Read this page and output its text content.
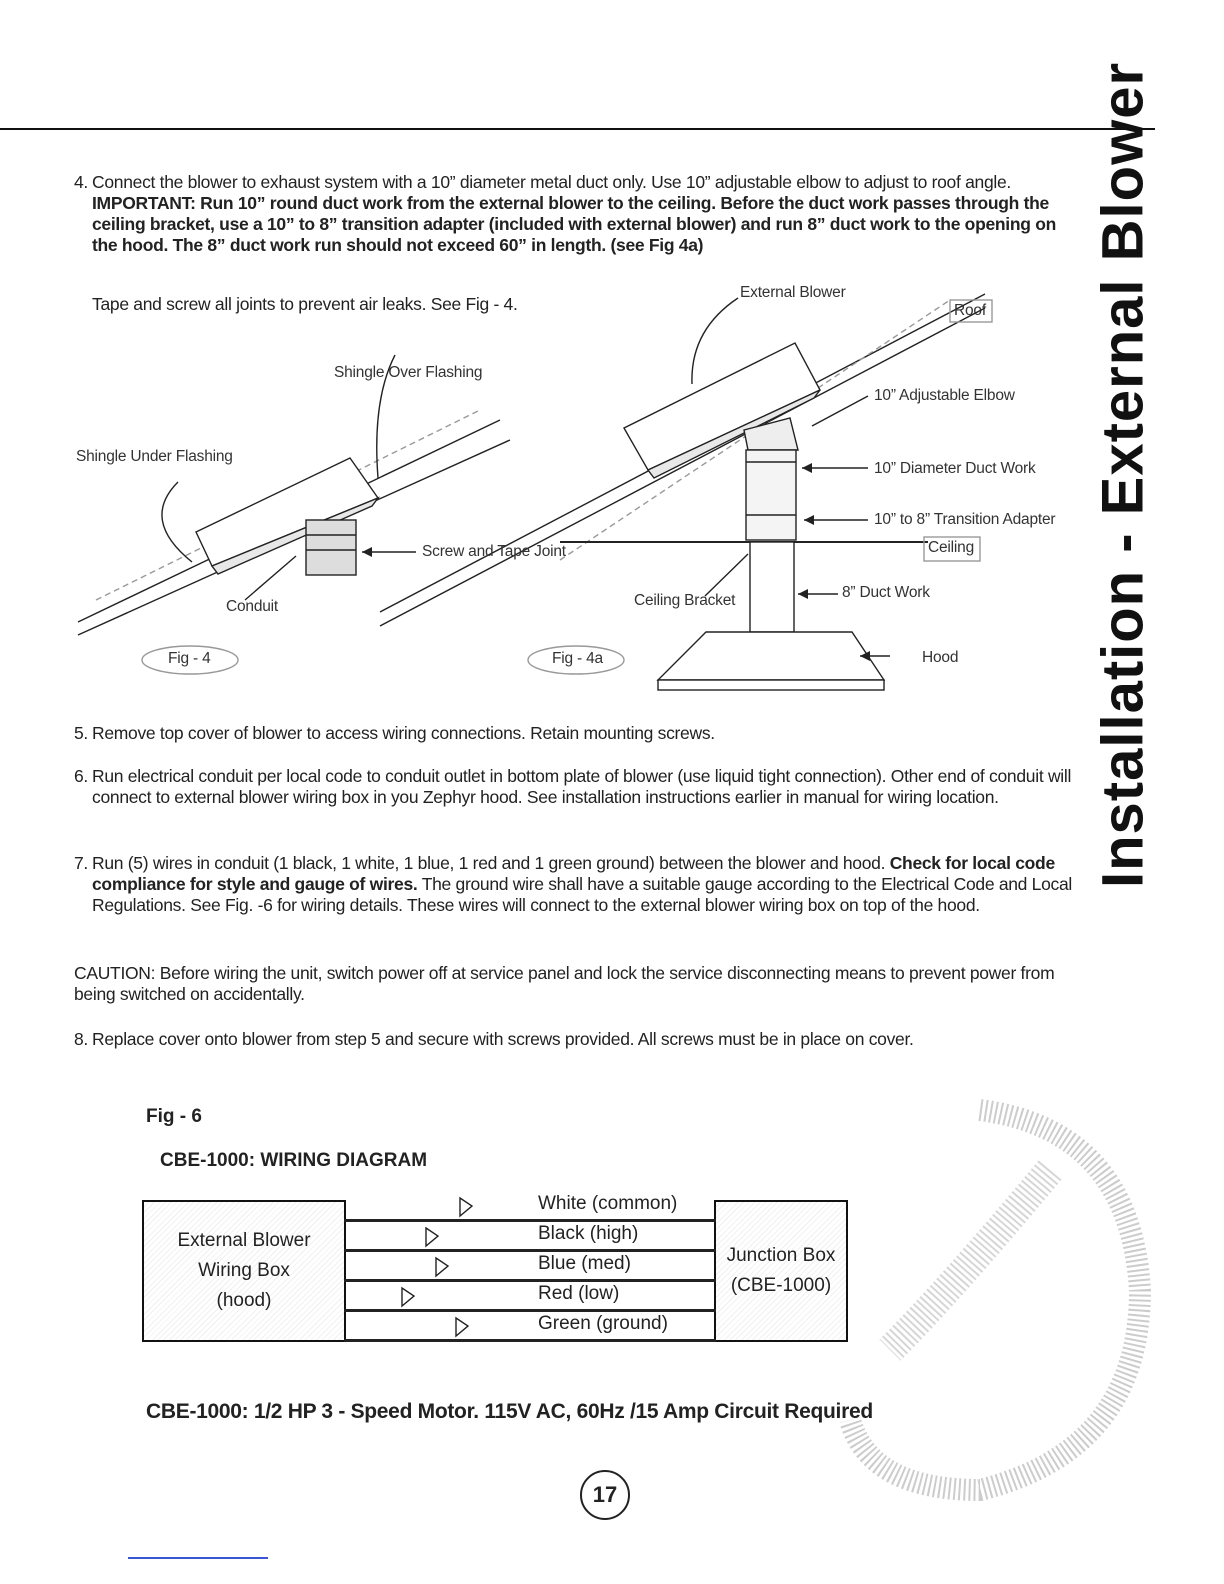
4. Connect the blower to exhaust system with a 10” diameter metal duct only. Use 10” adjustable elbow to adjust to roof angle. IMPORTANT: Run 10” round duct work from the external blower to the ceiling. Before the duct work passes through the ceiling bracket, use a 10” to 8” transition adapter (included with external blower) and run 8” duct work to the opening on the hood. The 8” duct work run should not exceed 60” in length. (see Fig 4a)
Tape and screw all joints to prevent air leaks. See Fig - 4.
Shingle Over Flashing
Shingle Under Flashing
Screw and Tape Joint
Conduit
Fig - 4
External Blower
Roof
10” Adjustable Elbow
10” Diameter Duct Work
10” to 8” Transition Adapter
Ceiling
Ceiling Bracket	8” Duct Work
Hood
Fig - 4a
5. Remove top cover of blower to access wiring connections. Retain mounting screws.
6. Run electrical conduit per local code to conduit outlet in bottom plate of blower (use liquid tight connection). Other end of conduit will connect to external blower wiring box in you Zephyr hood. See installation instructions earlier in manual for wiring location.
7. Run (5) wires in conduit (1 black, 1 white, 1 blue, 1 red and 1 green ground) between the blower and hood. Check for local code compliance for style and gauge of wires. The ground wire shall have a suitable gauge according to the Electrical Code and Local Regulations. See Fig. -6 for wiring details. These wires will connect to the external blower wiring box on top of the hood.
CAUTION: Before wiring the unit, switch power off at service panel and lock the service disconnecting means to prevent power from being switched on accidentally.
8. Replace cover onto blower from step 5 and secure with screws provided. All screws must be in place on cover.
Installation - External Blower
Fig - 6
CBE-1000: WIRING DIAGRAM
External Blower
Wiring Box
(hood)
Junction Box
(CBE-1000)
White (common)
Black (high)
Blue (med)
Red (low)
Green (ground)
CBE-1000: 1/2 HP 3 - Speed Motor. 115V AC, 60Hz /15 Amp Circuit Required
17
